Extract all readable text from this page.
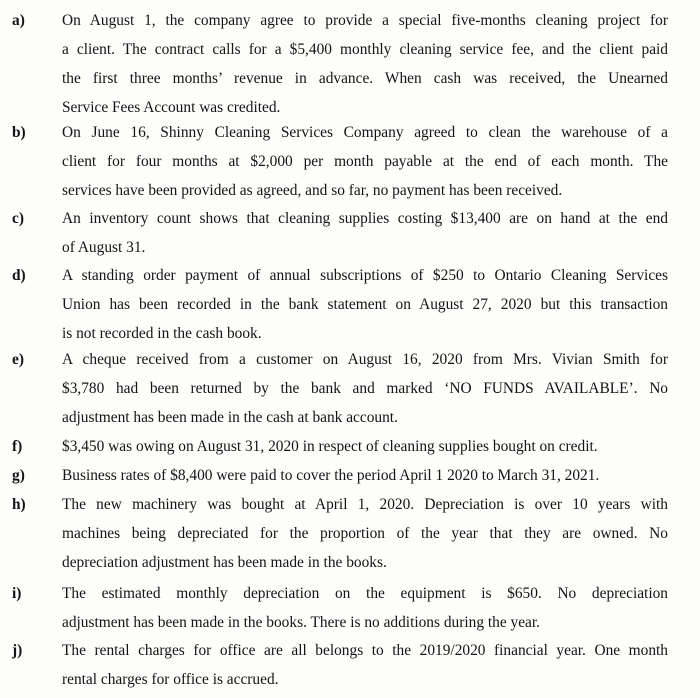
a) On August 1, the company agree to provide a special five-months cleaning project for
a client. The contract calls for a $5,400 monthly cleaning service fee, and the client paid
the first three months’ revenue in advance. When cash was received, the Unearned
Service Fees Account was credited.
b) On June 16, Shinny Cleaning Services Company agreed to clean the warehouse of a
client for four months at $2,000 per month payable at the end of each month. The
services have been provided as agreed, and so far, no payment has been received.
c) An inventory count shows that cleaning supplies costing $13,400 are on hand at the end
of August 31.
d) A standing order payment of annual subscriptions of $250 to Ontario Cleaning Services
Union has been recorded in the bank statement on August 27, 2020 but this transaction
is not recorded in the cash book.
e) A cheque received from a customer on August 16, 2020 from Mrs. Vivian Smith for
$3,780 had been returned by the bank and marked ‘NO FUNDS AVAILABLE’. No
adjustment has been made in the cash at bank account.
f)	$3,450 was owing on August 31, 2020 in respect of cleaning supplies bought on credit.
g) Business rates of $8,400 were paid to cover the period April 1 2020 to March 31, 2021.
h) The new machinery was bought at April 1, 2020. Depreciation is over 10 years with
machines being depreciated for the proportion of the year that they are owned. No
depreciation adjustment has been made in the books.
i)	The estimated monthly depreciation on the equipment is $650. No depreciation
adjustment has been made in the books. There is no additions during the year.
j)	The rental charges for office are all belongs to the 2019/2020 financial year. One month
rental charges for office is accrued.
